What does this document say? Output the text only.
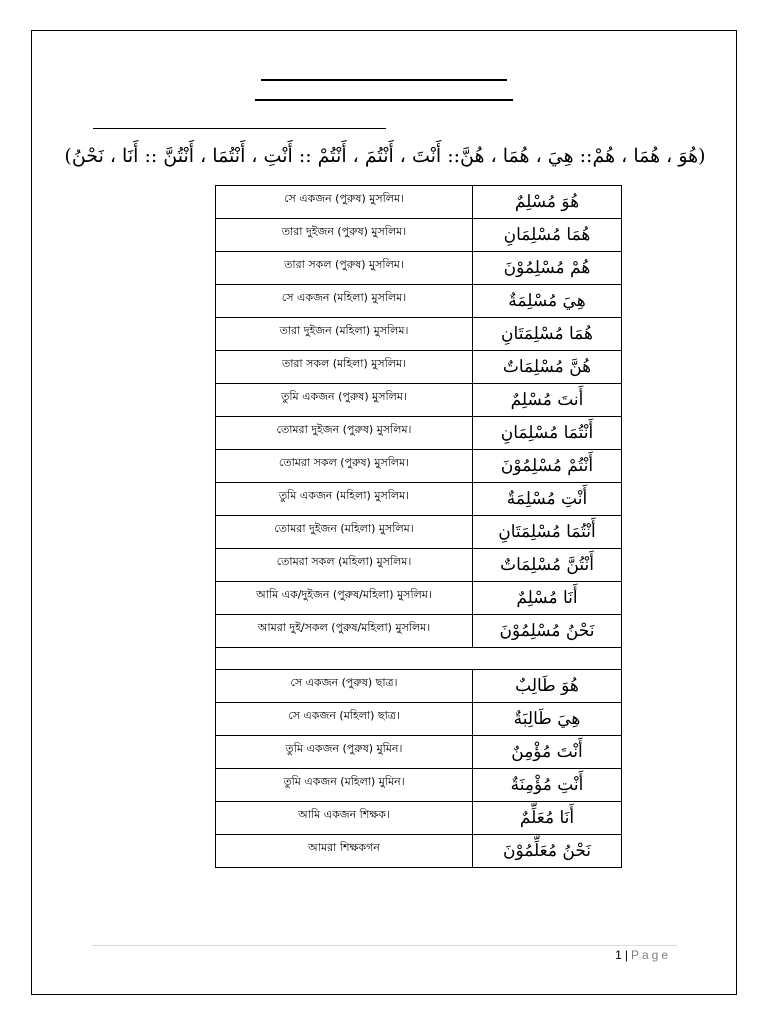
(هُوَ ، هُمَا ، هُمْ:: هِيَ ، هُمَا ، هُنَّ:: أَنْتَ ، أَنْتُمَ ، أَنْتُمْ :: أَنْتِ ، أَنْتُمَا ، أَنْتُنَّ :: أَنَا ، نَحْنُ)
সে একজন (পুরুষ) মুসলিম।	هُوَ مُسْلِمٌ
তারা দুইজন (পুরুষ) মুসলিম।	هُمَا مُسْلِمَانِ
তারা সকল (পুরুষ) মুসলিম।	هُمْ مُسْلِمُوْنَ
সে একজন (মহিলা) মুসলিম।	هِيَ مُسْلِمَةٌ
তারা দুইজন (মহিলা) মুসলিম।	هُمَا مُسْلِمَتَانِ
তারা সকল (মহিলা) মুসলিম।	هُنَّ مُسْلِمَاتٌ
তুমি একজন (পুরুষ) মুসলিম।	أَنتَ مُسْلِمٌ
তোমরা দুইজন (পুরুষ) মুসলিম।	أَنْتُمَا مُسْلِمَانِ
তোমরা সকল (পুরুষ) মুসলিম।	أَنْتُمْ مُسْلِمُوْنَ
তুমি একজন (মহিলা) মুসলিম।	أَنْتِ مُسْلِمَةٌ
তোমরা দুইজন (মহিলা) মুসলিম।	أَنْتُمَا مُسْلِمَتَانِ
তোমরা সকল (মহিলা) মুসলিম।	أَنْتُنَّ مُسْلِمَاتٌ
আমি এক/দুইজন (পুরুষ/মহিলা) মুসলিম।	أَنَا مُسْلِمٌ
আমরা দুই/সকল (পুরুষ/মহিলা) মুসলিম।	نَحْنُ مُسْلِمُوْنَ

সে একজন (পুরুষ) ছাত্র।	هُوَ طَالِبٌ
সে একজন (মহিলা) ছাত্র।	هِيَ طَالِبَةٌ
তুমি একজন (পুরুষ) মুমিন।	أَنْتَ مُؤْمِنٌ
তুমি একজন (মহিলা) মুমিন।	أَنْتِ مُؤْمِنَةٌ
আমি একজন শিক্ষক।	أَنَا مُعَلِّمٌ
আমরা শিক্ষকগন	نَحْنُ مُعَلِّمُوْنَ
1 | Page
